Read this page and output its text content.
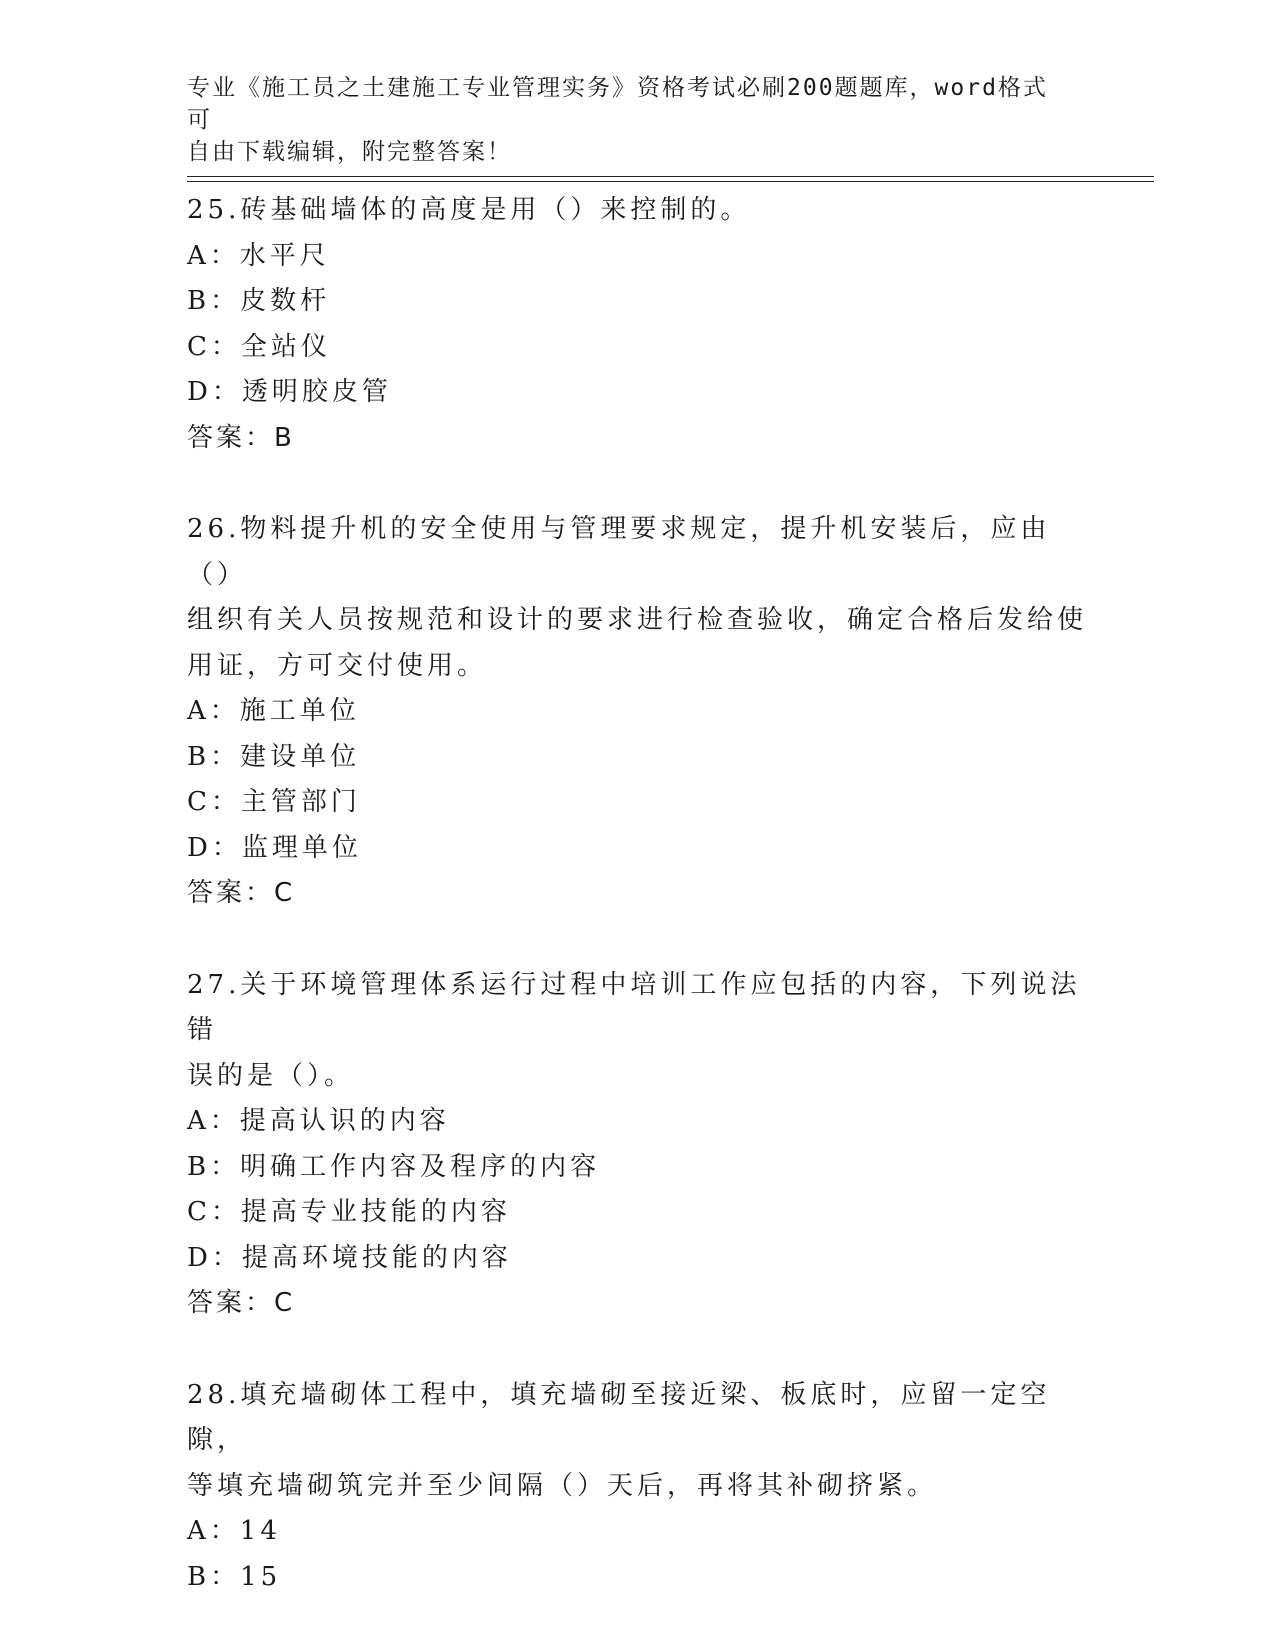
专业《施工员之土建施工专业管理实务》资格考试必刷200题题库，word格式可
自由下载编辑，附完整答案！

25.砖基础墙体的高度是用（）来控制的。

A：水平尺

B：皮数杆

C：全站仪

D：透明胶皮管

答案：B

26.物料提升机的安全使用与管理要求规定，提升机安装后，应由（）

组织有关人员按规范和设计的要求进行检查验收，确定合格后发给使

用证，方可交付使用。

A：施工单位

B：建设单位

C：主管部门

D：监理单位

答案：C

27.关于环境管理体系运行过程中培训工作应包括的内容，下列说法错

误的是（）。

A：提高认识的内容

B：明确工作内容及程序的内容

C：提高专业技能的内容

D：提高环境技能的内容

答案：C

28.填充墙砌体工程中，填充墙砌至接近梁、板底时，应留一定空隙，

等填充墙砌筑完并至少间隔（）天后，再将其补砌挤紧。

A：14

B：15
